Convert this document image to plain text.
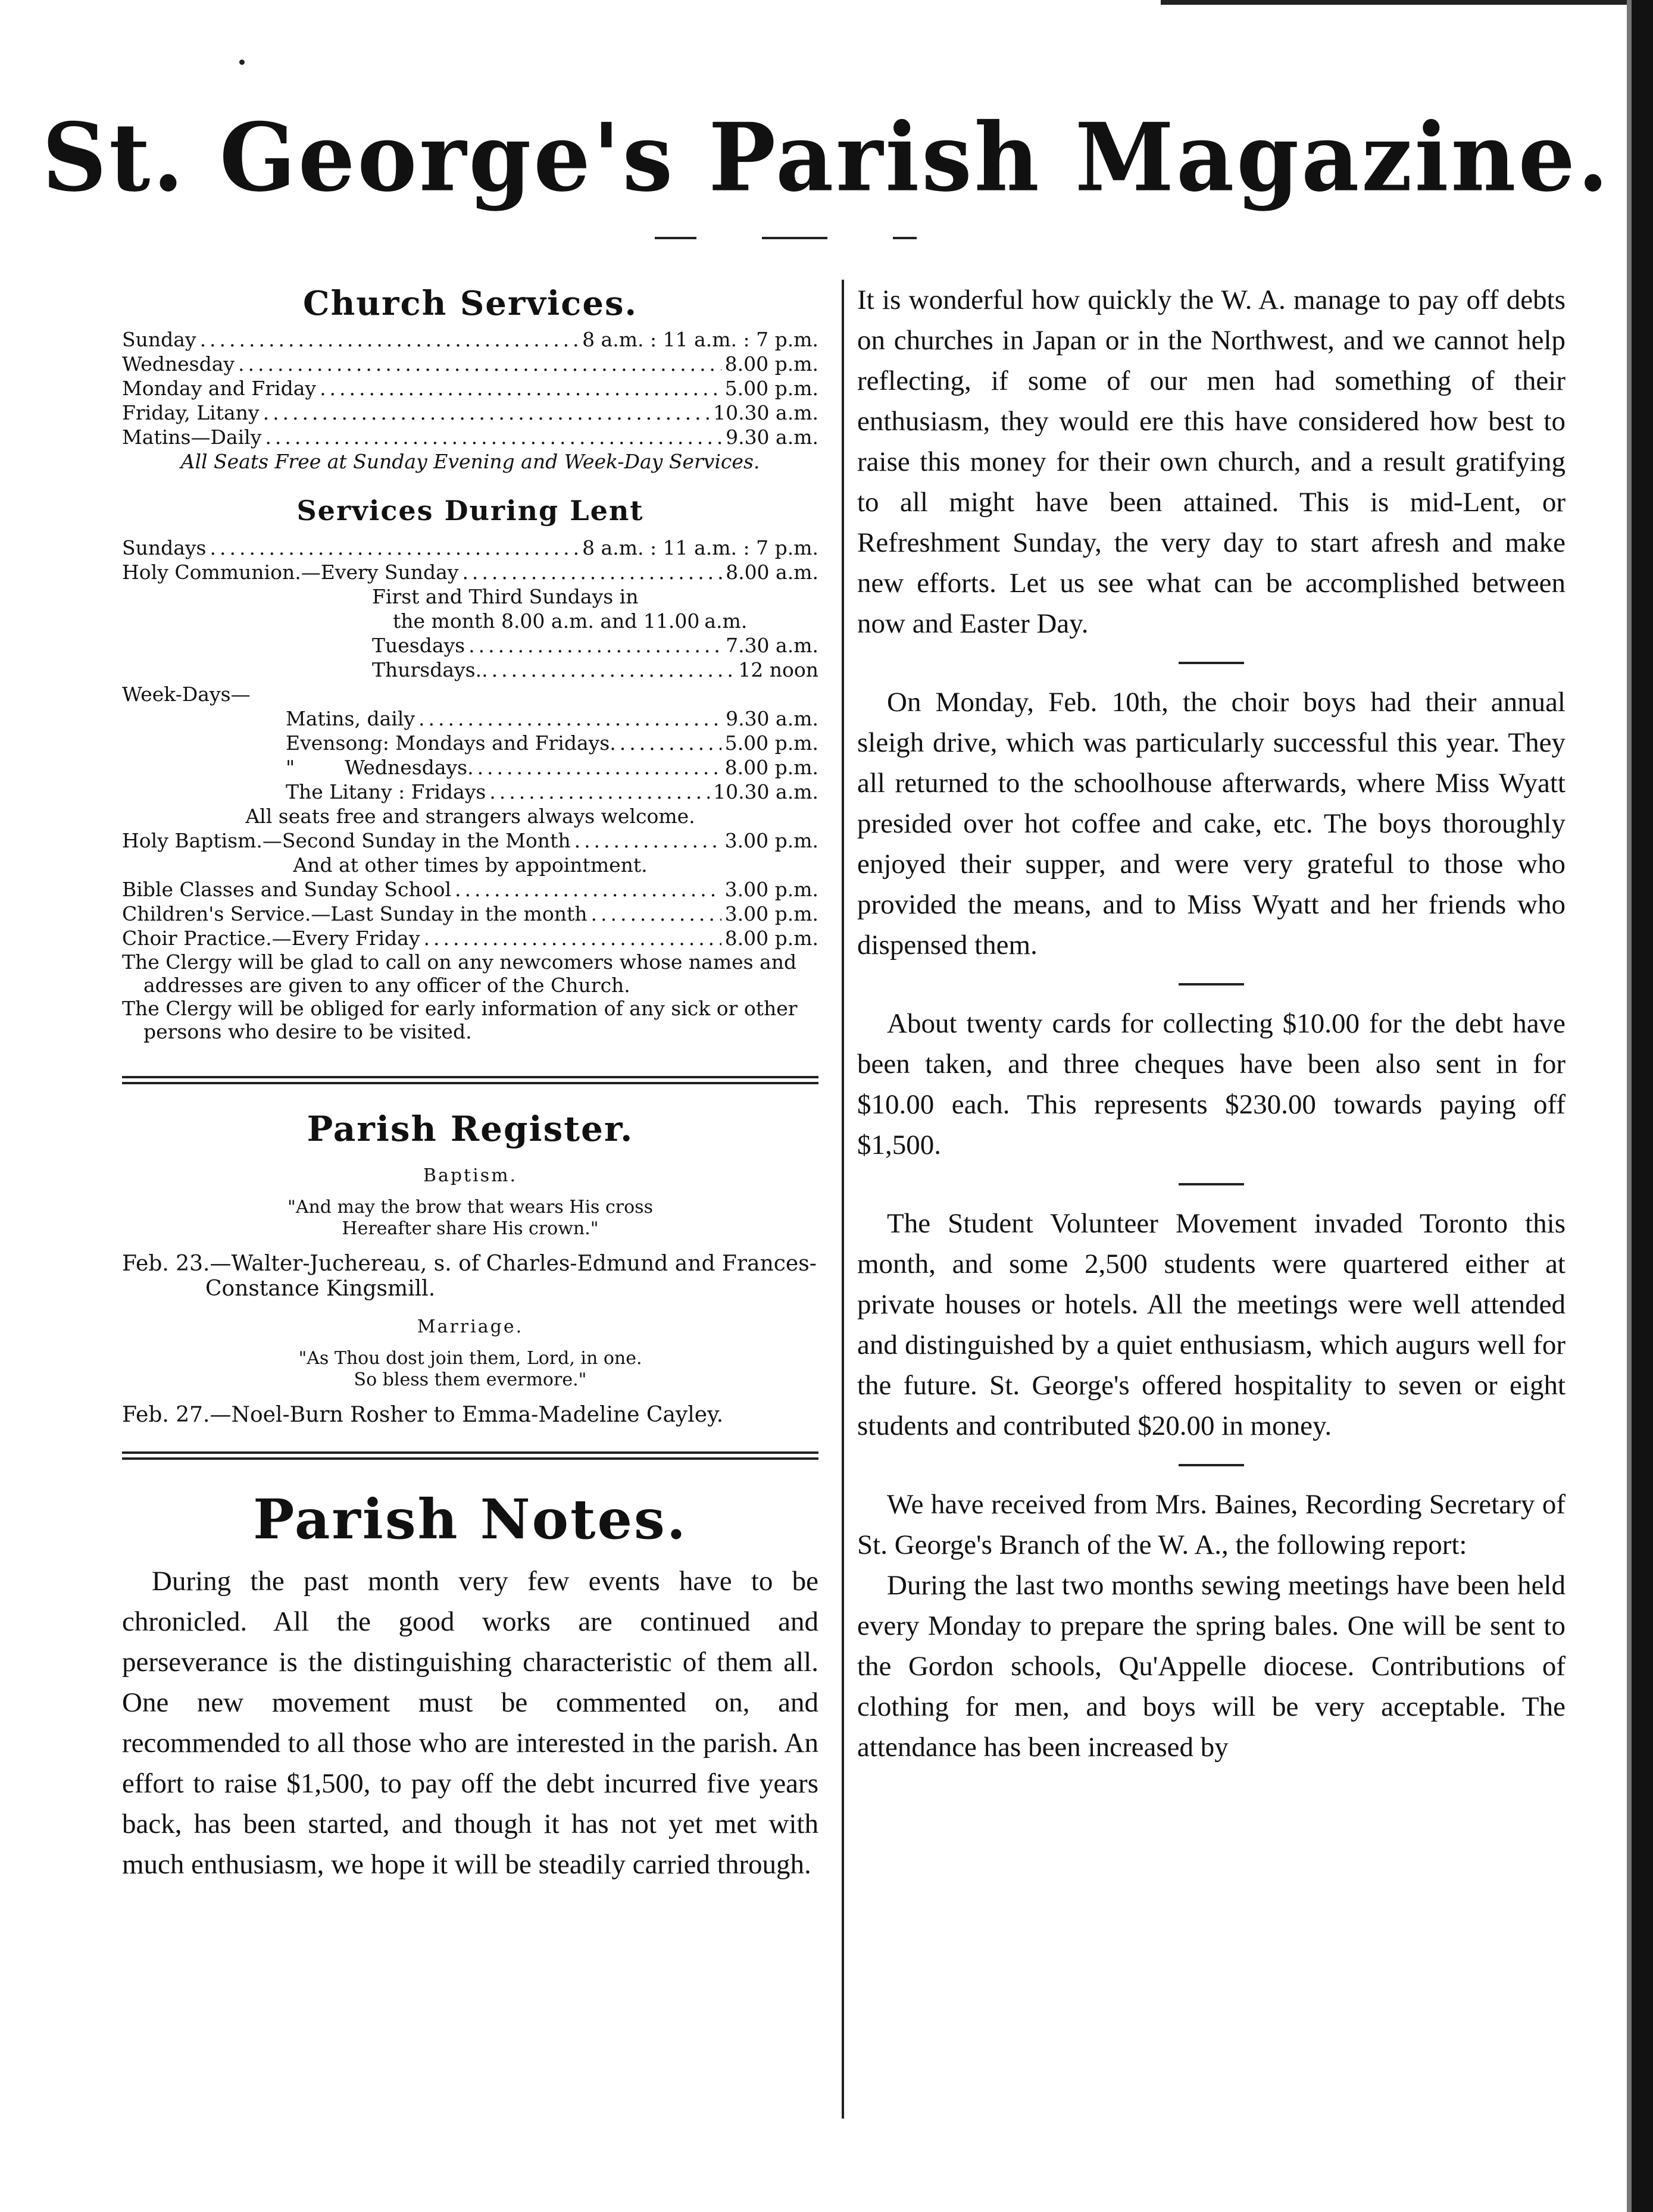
St. George's Parish Magazine.
Church Services.
Sunday .....	8 a.m. : 11 a.m. : 7 p.m.
Wednesday .....	8.00 p.m.
Monday and Friday .....	5.00 p.m.
Friday, Litany .....	10.30 a.m.
Matins—Daily .....	9.30 a.m.
All Seats Free at Sunday Evening and Week-Day Services.
Services During Lent
Sundays .....	8 a.m. : 11 a.m. : 7 p.m.
Holy Communion.—Every Sunday .....	8.00 a.m.
First and Third Sundays in
the month 8.00 a.m. and 11.00 a.m.
Tuesdays .....	7.30 a.m.
Thursdays.. .....	12 noon
Week-Days—
Matins, daily .....	9.30 a.m.
Evensong: Mondays and Fridays. .....	5.00 p.m.
"        Wednesdays. .....	8.00 p.m.
The Litany : Fridays .....	10.30 a.m.
All seats free and strangers always welcome.
Holy Baptism.—Second Sunday in the Month .....	3.00 p.m.
And at other times by appointment.
Bible Classes and Sunday School .....	3.00 p.m.
Children's Service.—Last Sunday in the month .....	3.00 p.m.
Choir Practice.—Every Friday .....	8.00 p.m.
The Clergy will be glad to call on any newcomers whose names and addresses are given to any officer of the Church.
The Clergy will be obliged for early information of any sick or other persons who desire to be visited.
Parish Register.
Baptism.
"And may the brow that wears His cross
Hereafter share His crown."
Feb. 23.—Walter-Juchereau, s. of Charles-Edmund and Frances-Constance Kingsmill.
Marriage.
"As Thou dost join them, Lord, in one.
So bless them evermore."
Feb. 27.—Noel-Burn Rosher to Emma-Madeline Cayley.
Parish Notes.

During the past month very few events have to be chronicled. All the good works are continued and perseverance is the distinguishing characteristic of them all. One new movement must be commented on, and recommended to all those who are interested in the parish. An effort to raise $1,500, to pay off the debt incurred five years back, has been started, and though it has not yet met with much enthusiasm, we hope it will be steadily carried through.

It is wonderful how quickly the W. A. manage to pay off debts on churches in Japan or in the Northwest, and we cannot help reflecting, if some of our men had something of their enthusiasm, they would ere this have considered how best to raise this money for their own church, and a result gratifying to all might have been attained. This is mid-Lent, or Refreshment Sunday, the very day to start afresh and make new efforts. Let us see what can be accomplished between now and Easter Day.

On Monday, Feb. 10th, the choir boys had their annual sleigh drive, which was particularly successful this year. They all returned to the schoolhouse afterwards, where Miss Wyatt presided over hot coffee and cake, etc. The boys thoroughly enjoyed their supper, and were very grateful to those who provided the means, and to Miss Wyatt and her friends who dispensed them.

About twenty cards for collecting $10.00 for the debt have been taken, and three cheques have been also sent in for $10.00 each. This represents $230.00 towards paying off $1,500.

The Student Volunteer Movement invaded Toronto this month, and some 2,500 students were quartered either at private houses or hotels. All the meetings were well attended and distinguished by a quiet enthusiasm, which augurs well for the future. St. George's offered hospitality to seven or eight students and contributed $20.00 in money.

We have received from Mrs. Baines, Recording Secretary of St. George's Branch of the W. A., the following report:

During the last two months sewing meetings have been held every Monday to prepare the spring bales. One will be sent to the Gordon schools, Qu'Appelle diocese. Contributions of clothing for men, and boys will be very acceptable. The attendance has been increased by
